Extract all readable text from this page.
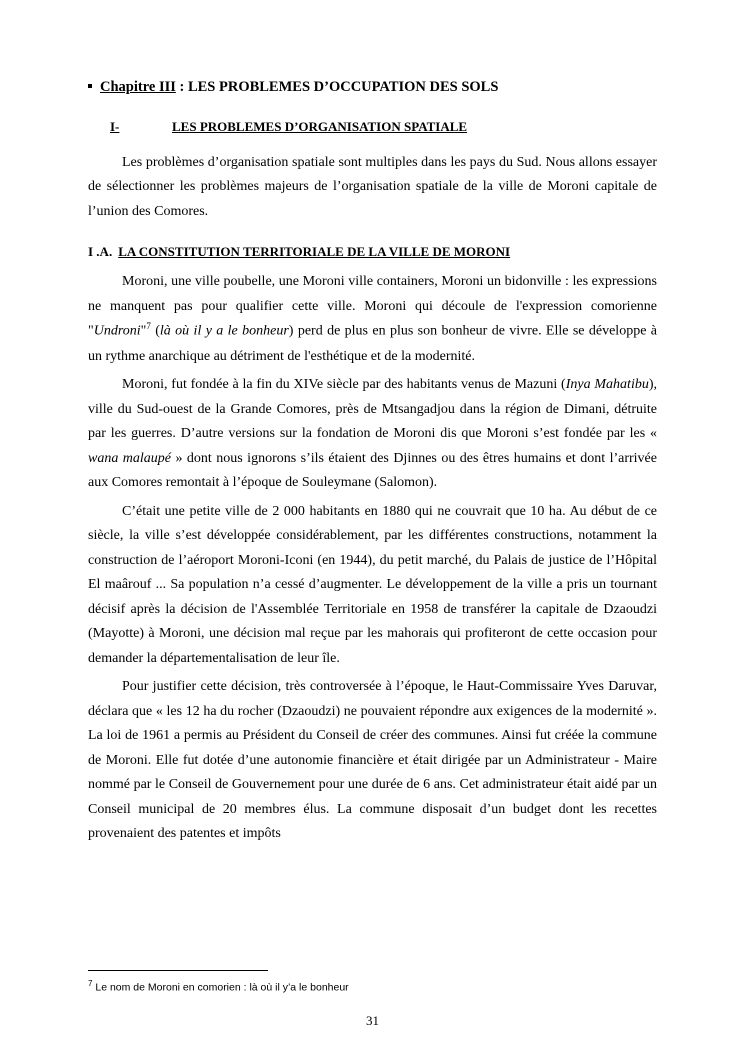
Chapitre III : LES PROBLEMES D’OCCUPATION DES SOLS
I-	LES PROBLEMES D’ORGANISATION SPATIALE

Les problèmes d’organisation spatiale sont multiples dans les pays du Sud. Nous allons essayer de sélectionner les problèmes majeurs de l’organisation spatiale de la ville de Moroni capitale de l’union des Comores.

I .A. LA CONSTITUTION TERRITORIALE DE LA VILLE DE MORONI

Moroni, une ville poubelle, une Moroni ville containers, Moroni un bidonville : les expressions ne manquent pas pour qualifier cette ville. Moroni qui découle de l'expression comorienne "Undroni"$^7$ (là où il y a le bonheur) perd de plus en plus son bonheur de vivre. Elle se développe à un rythme anarchique au détriment de l'esthétique et de la modernité.

Moroni, fut fondée à la fin du XIVe siècle par des habitants venus de Mazuni (Inya Mahatibu), ville du Sud-ouest de la Grande Comores, près de Mtsangadjou dans la région de Dimani, détruite par les guerres. D’autre versions sur la fondation de Moroni dis que Moroni s’est fondée par les « wana malaupé » dont nous ignorons s’ils étaient des Djinnes ou des êtres humains et dont l’arrivée aux Comores remontait à l’époque de Souleymane (Salomon).

C’était une petite ville de 2 000 habitants en 1880 qui ne couvrait que 10 ha. Au début de ce siècle, la ville s’est développée considérablement, par les différentes constructions, notamment la construction de l’aéroport Moroni-Iconi (en 1944), du petit marché, du Palais de justice de l’Hôpital El maârouf ... Sa population n’a cessé d’augmenter. Le développement de la ville a pris un tournant décisif après la décision de l'Assemblée Territoriale en 1958 de transférer la capitale de Dzaoudzi (Mayotte) à Moroni, une décision mal reçue par les mahorais qui profiteront de cette occasion pour demander la départementalisation de leur île.

Pour justifier cette décision, très controversée à l’époque, le Haut-Commissaire Yves Daruvar, déclara que « les 12 ha du rocher (Dzaoudzi) ne pouvaient répondre aux exigences de la modernité ». La loi de 1961 a permis au Président du Conseil de créer des communes. Ainsi fut créée la commune de Moroni. Elle fut dotée d’une autonomie financière et était dirigée par un Administrateur - Maire nommé par le Conseil de Gouvernement pour une durée de 6 ans. Cet administrateur était aidé par un Conseil municipal de 20 membres élus. La commune disposait d’un budget dont les recettes provenaient des patentes et impôts

$^7$ Le nom de Moroni en comorien : là où il y’a le bonheur
31
